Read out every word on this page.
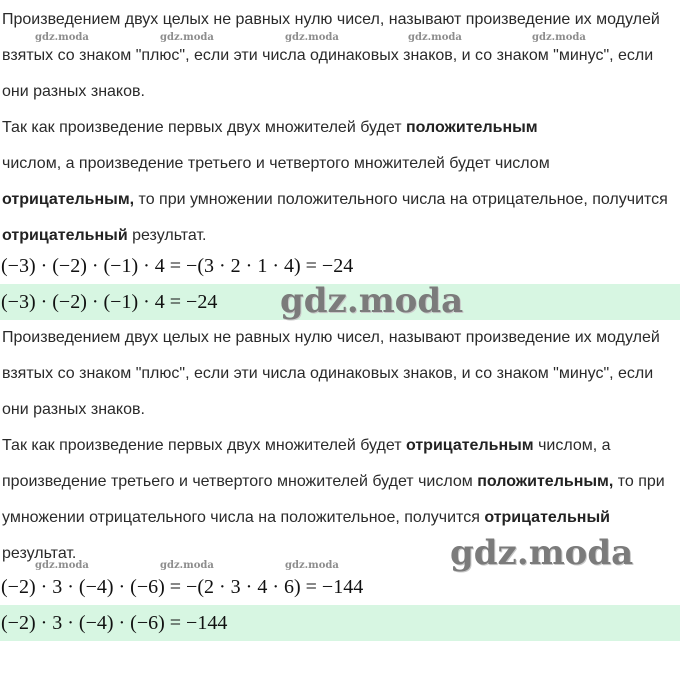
Произведением двух целых не равных нулю чисел, называют произведение их модулей взятых со знаком "плюс", если эти числа одинаковых знаков, и со знаком "минус", если они разных знаков.

Так как произведение первых двух множителей будет положительным
числом, а произведение третьего и четвертого множителей будет числом
отрицательным, то при умножении положительного числа на отрицательное, получится отрицательный результат.

(−3) · (−2) · (−1) · 4 = −(3 · 2 · 1 · 4) = −24
(−3) · (−2) · (−1) · 4 = −24

Произведением двух целых не равных нулю чисел, называют произведение их модулей взятых со знаком "плюс", если эти числа одинаковых знаков, и со знаком "минус", если они разных знаков.

Так как произведение первых двух множителей будет отрицательным числом, а произведение третьего и четвертого множителей будет числом положительным, то при умножении отрицательного числа на положительное, получится отрицательный результат.

(−2) · 3 · (−4) · (−6) = −(2 · 3 · 4 · 6) = −144
(−2) · 3 · (−4) · (−6) = −144
gdz.moda	gdz.moda	gdz.moda	gdz.moda	gdz.moda
gdz.moda	gdz.moda	gdz.moda
gdz.moda
gdz.moda
